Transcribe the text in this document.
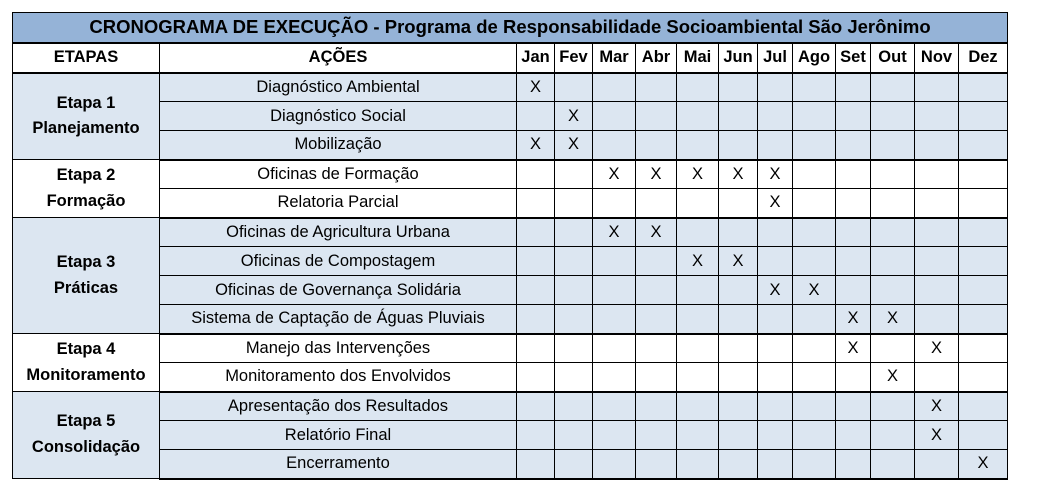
CRONOGRAMA DE EXECUÇÃO - Programa de Responsabilidade Socioambiental São Jerônimo													
ETAPAS	AÇÕES	Jan	Fev	Mar	Abr	Mai	Jun	Jul	Ago	Set	Out	Nov	Dez
Etapa 1
Planejamento	Diagnóstico Ambiental	X											
	Diagnóstico Social		X										
	Mobilização	X	X										
Etapa 2
Formação	Oficinas de Formação			X	X	X	X	X					
	Relatoria Parcial							X					
Etapa 3
Práticas	Oficinas de Agricultura Urbana			X	X								
	Oficinas de Compostagem					X	X						
	Oficinas de Governança Solidária							X	X				
	Sistema de Captação de Águas Pluviais									X	X		
Etapa 4
Monitoramento	Manejo das Intervenções									X		X	
	Monitoramento dos Envolvidos										X		
Etapa 5
Consolidação	Apresentação dos Resultados											X	
	Relatório Final											X	
	Encerramento												X
